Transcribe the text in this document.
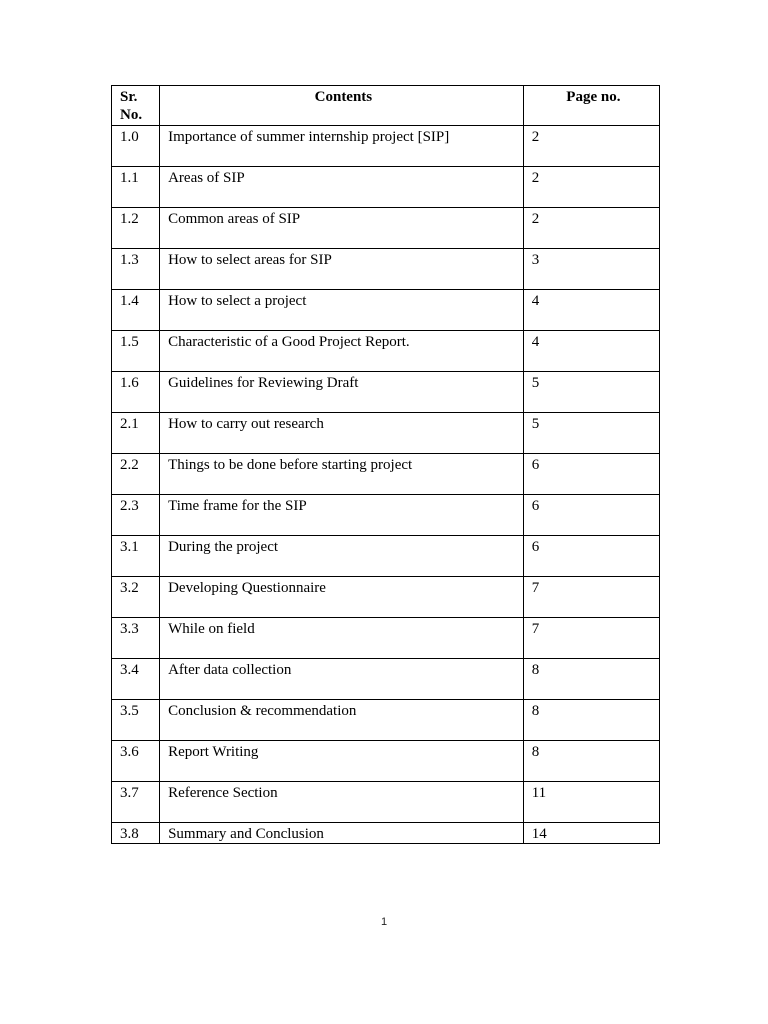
Sr. No.	Contents	Page no.
1.0	Importance of summer internship project [SIP]	2
1.1	Areas of SIP	2
1.2	Common areas of SIP	2
1.3	How to select areas for SIP	3
1.4	How to select a project	4
1.5	Characteristic of a Good Project Report.	4
1.6	Guidelines for Reviewing Draft	5
2.1	How to carry out research	5
2.2	Things to be done before starting project	6
2.3	Time frame for the SIP	6
3.1	During the project	6
3.2	Developing Questionnaire	7
3.3	While on field	7
3.4	After data collection	8
3.5	Conclusion & recommendation	8
3.6	Report Writing	8
3.7	Reference Section	11
3.8	Summary and Conclusion	14
1
